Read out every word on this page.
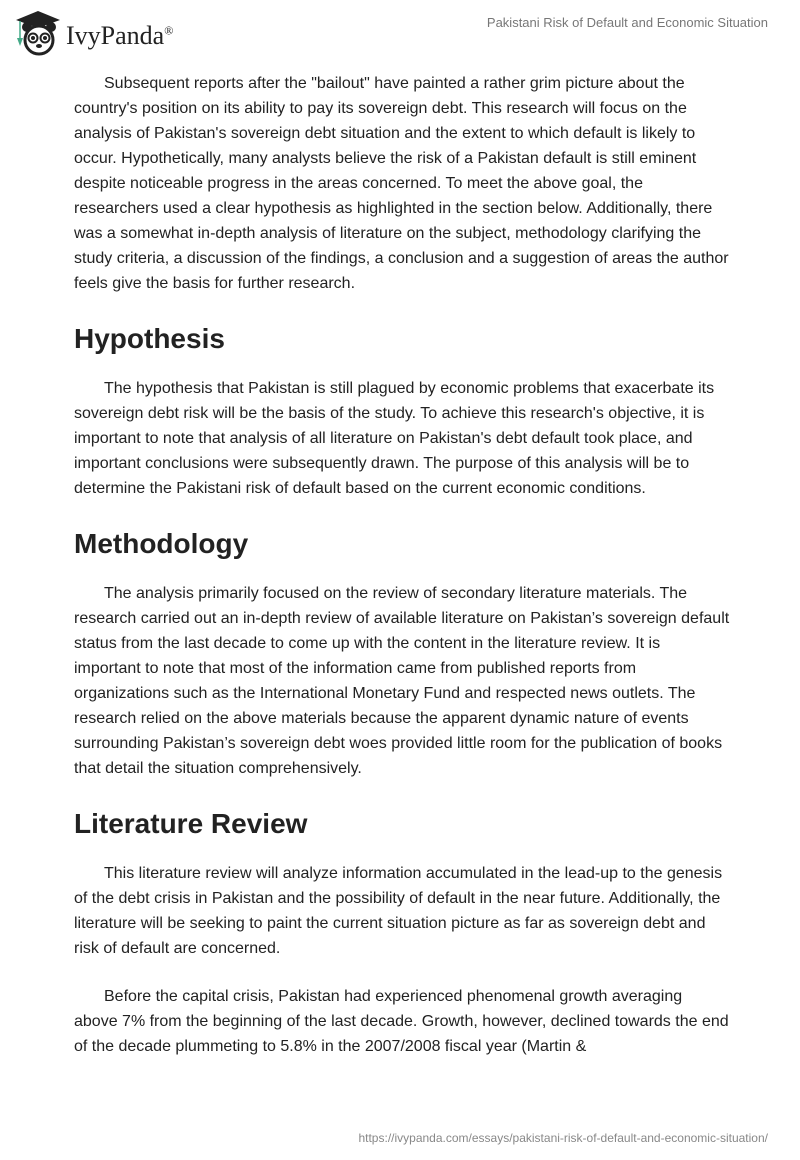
IvyPanda®
Pakistani Risk of Default and Economic Situation

Subsequent reports after the "bailout" have painted a rather grim picture about the country's position on its ability to pay its sovereign debt. This research will focus on the analysis of Pakistan's sovereign debt situation and the extent to which default is likely to occur. Hypothetically, many analysts believe the risk of a Pakistan default is still eminent despite noticeable progress in the areas concerned. To meet the above goal, the researchers used a clear hypothesis as highlighted in the section below. Additionally, there was a somewhat in-depth analysis of literature on the subject, methodology clarifying the study criteria, a discussion of the findings, a conclusion and a suggestion of areas the author feels give the basis for further research.

Hypothesis

The hypothesis that Pakistan is still plagued by economic problems that exacerbate its sovereign debt risk will be the basis of the study. To achieve this research's objective, it is important to note that analysis of all literature on Pakistan's debt default took place, and important conclusions were subsequently drawn. The purpose of this analysis will be to determine the Pakistani risk of default based on the current economic conditions.

Methodology

The analysis primarily focused on the review of secondary literature materials. The research carried out an in-depth review of available literature on Pakistan’s sovereign default status from the last decade to come up with the content in the literature review. It is important to note that most of the information came from published reports from organizations such as the International Monetary Fund and respected news outlets. The research relied on the above materials because the apparent dynamic nature of events surrounding Pakistan’s sovereign debt woes provided little room for the publication of books that detail the situation comprehensively.

Literature Review

This literature review will analyze information accumulated in the lead-up to the genesis of the debt crisis in Pakistan and the possibility of default in the near future. Additionally, the literature will be seeking to paint the current situation picture as far as sovereign debt and risk of default are concerned.

Before the capital crisis, Pakistan had experienced phenomenal growth averaging above 7% from the beginning of the last decade. Growth, however, declined towards the end of the decade plummeting to 5.8% in the 2007/2008 fiscal year (Martin &

https://ivypanda.com/essays/pakistani-risk-of-default-and-economic-situation/
